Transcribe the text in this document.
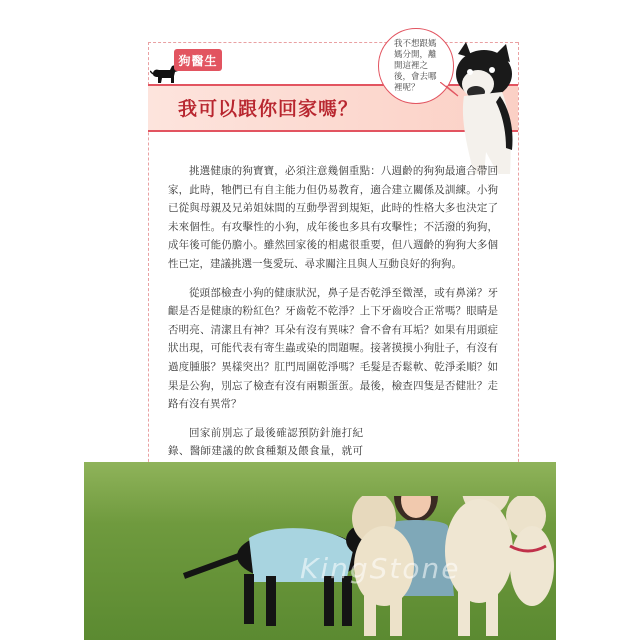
狗醫生
我可以跟你回家嗎？

我不想跟媽媽分開，離開這裡之後，會去哪裡呢？

挑選健康的狗寶寶，必須注意幾個重點：八週齡的狗狗最適合帶回家，此時，牠們已有自主能力但仍易教育，適合建立關係及訓練。小狗已從與母親及兄弟姐妹間的互動學習到規矩，此時的性格大多也決定了未來個性。有攻擊性的小狗，成年後也多具有攻擊性；不活潑的狗狗，成年後可能仍膽小。雖然回家後的相處很重要，但八週齡的狗狗大多個性已定，建議挑選一隻愛玩、尋求關注且與人互動良好的狗狗。

從頭部檢查小狗的健康狀況，鼻子是否乾淨至微溼，或有鼻涕？牙齦是否是健康的粉紅色？牙齒乾不乾淨？上下牙齒咬合正常嗎？眼睛是否明亮、清潔且有神？耳朵有沒有異味？會不會有耳垢？如果有用頭症狀出現，可能代表有寄生蟲或染的問題喔。接著摸摸小狗肚子，有沒有過度腫脹？異樣突出？肛門周圍乾淨嗎？毛髮是否鬆軟、乾淨柔順？如果是公狗，別忘了檢查有沒有兩顆蛋蛋。最後，檢查四隻是否健壯？走路有沒有異常？

回家前別忘了最後確認預防針施打紀錄、醫師建議的飲食種類及餵食量，就可

KingStone
